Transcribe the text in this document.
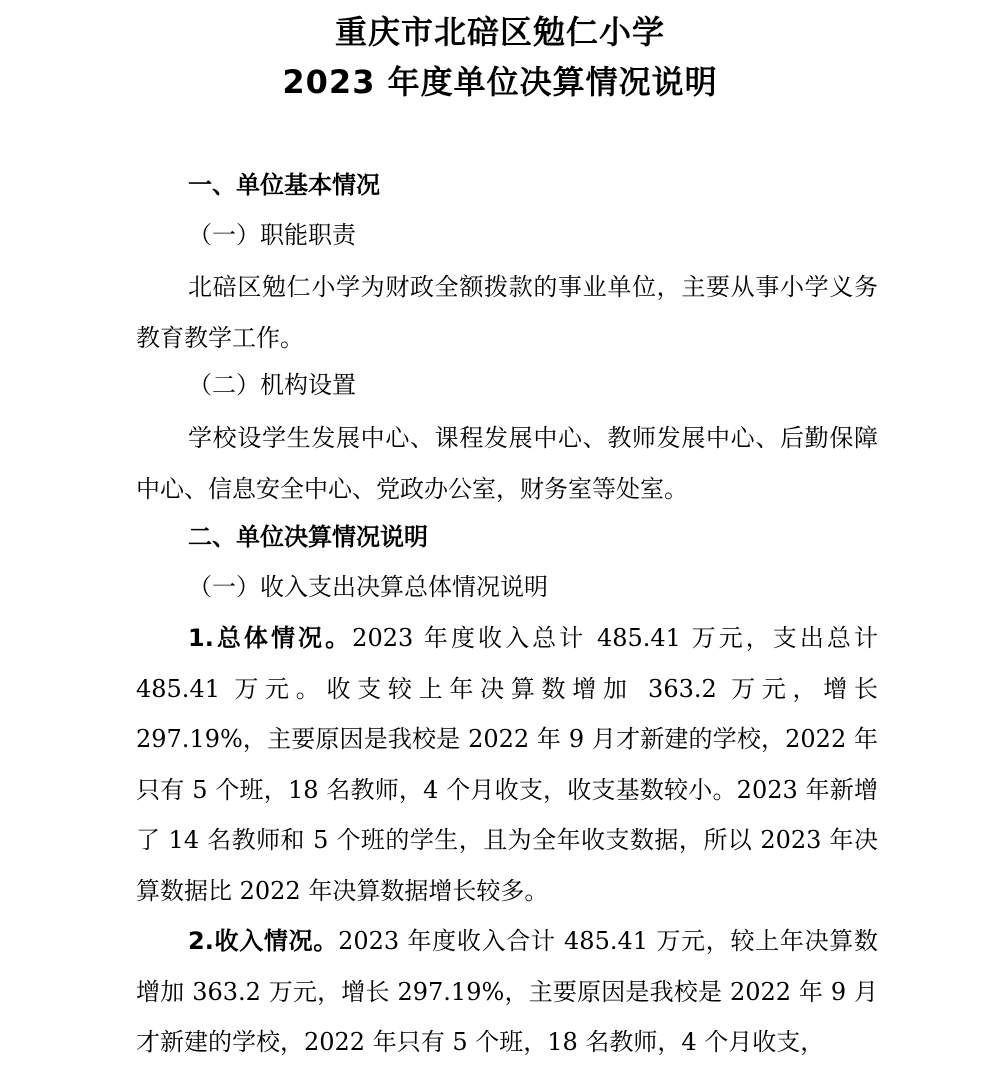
重庆市北碚区勉仁小学
2023 年度单位决算情况说明
一、单位基本情况
（一）职能职责
北碚区勉仁小学为财政全额拨款的事业单位，主要从事小学义务教育教学工作。
（二）机构设置
学校设学生发展中心、课程发展中心、教师发展中心、后勤保障中心、信息安全中心、党政办公室，财务室等处室。
二、单位决算情况说明
（一）收入支出决算总体情况说明
1.总体情况。2023 年度收入总计 485.41 万元，支出总计485.41 万元。收支较上年决算数增加 363.2 万元，增长 297.19%，主要原因是我校是 2022 年 9 月才新建的学校，2022 年只有 5 个班，18 名教师，4 个月收支，收支基数较小。2023 年新增了 14 名教师和 5 个班的学生，且为全年收支数据，所以 2023 年决算数据比 2022 年决算数据增长较多。
2.收入情况。2023 年度收入合计 485.41 万元，较上年决算数增加 363.2 万元，增长 297.19%，主要原因是我校是 2022 年 9 月才新建的学校，2022 年只有 5 个班，18 名教师，4 个月收支，
